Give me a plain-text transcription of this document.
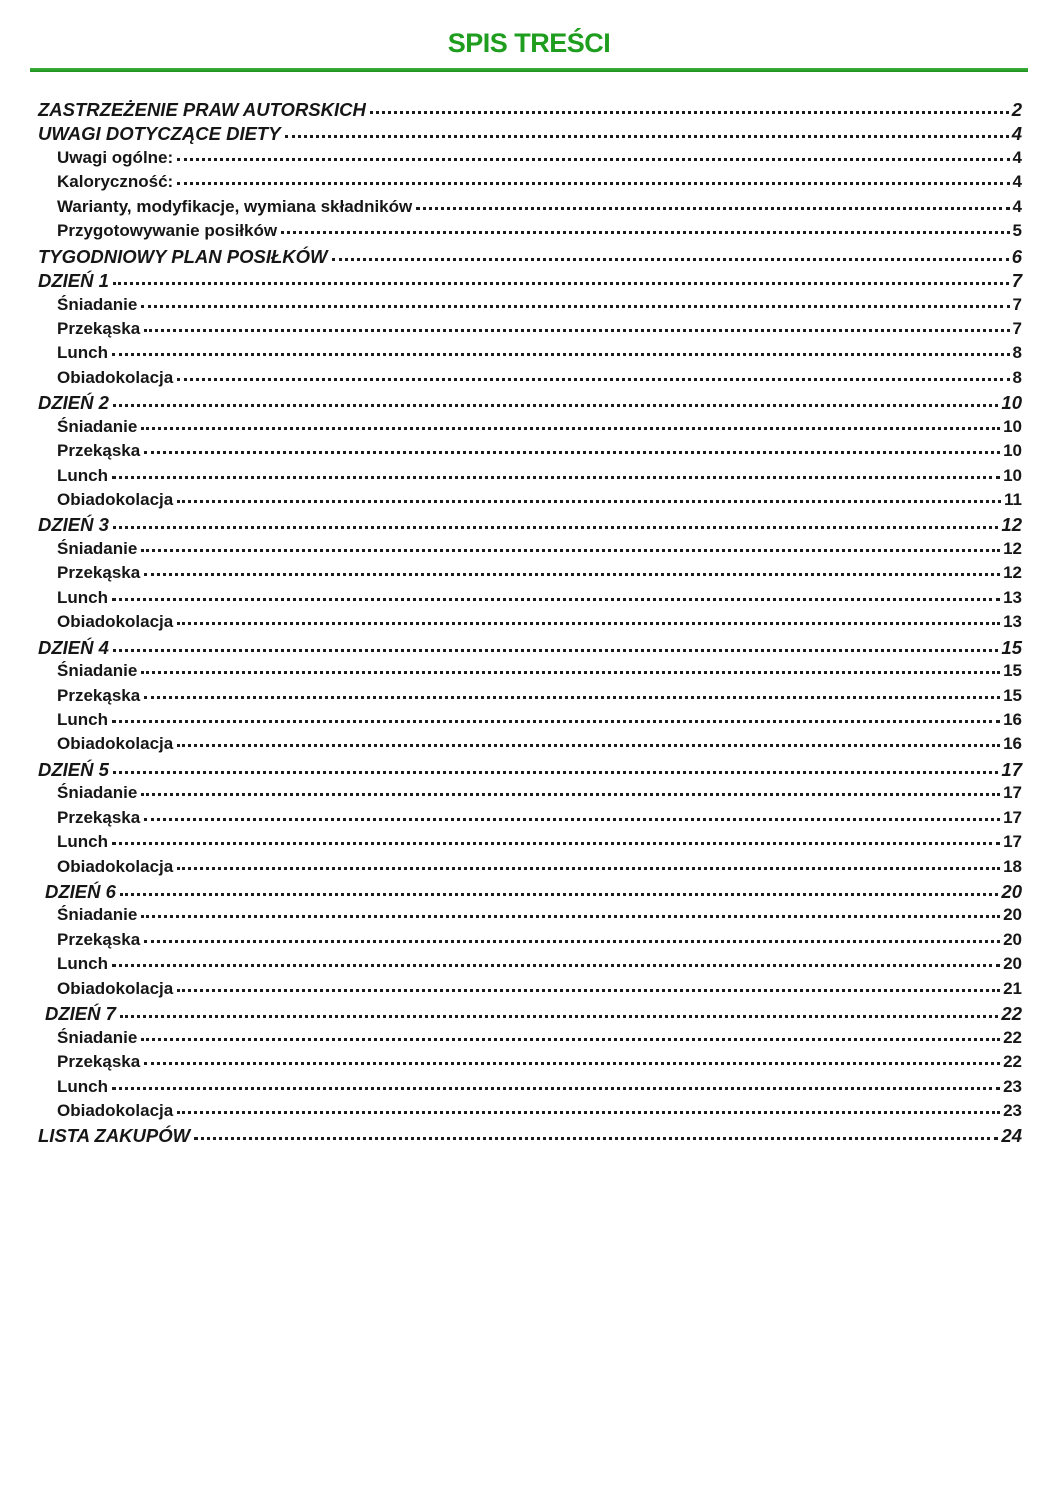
SPIS TREŚCI
ZASTRZEŻENIE PRAW AUTORSKICH	2
UWAGI DOTYCZĄCE DIETY	4
Uwagi ogólne:	4
Kaloryczność:	4
Warianty, modyfikacje, wymiana składników	4
Przygotowywanie posiłków	5
TYGODNIOWY PLAN POSIŁKÓW	6
DZIEŃ 1	7
Śniadanie	7
Przekąska	7
Lunch	8
Obiadokolacja	8
DZIEŃ 2	10
Śniadanie	10
Przekąska	10
Lunch	10
Obiadokolacja	11
DZIEŃ 3	12
Śniadanie	12
Przekąska	12
Lunch	13
Obiadokolacja	13
DZIEŃ 4	15
Śniadanie	15
Przekąska	15
Lunch	16
Obiadokolacja	16
DZIEŃ 5	17
Śniadanie	17
Przekąska	17
Lunch	17
Obiadokolacja	18
DZIEŃ 6	20
Śniadanie	20
Przekąska	20
Lunch	20
Obiadokolacja	21
DZIEŃ 7	22
Śniadanie	22
Przekąska	22
Lunch	23
Obiadokolacja	23
LISTA ZAKUPÓW	24
